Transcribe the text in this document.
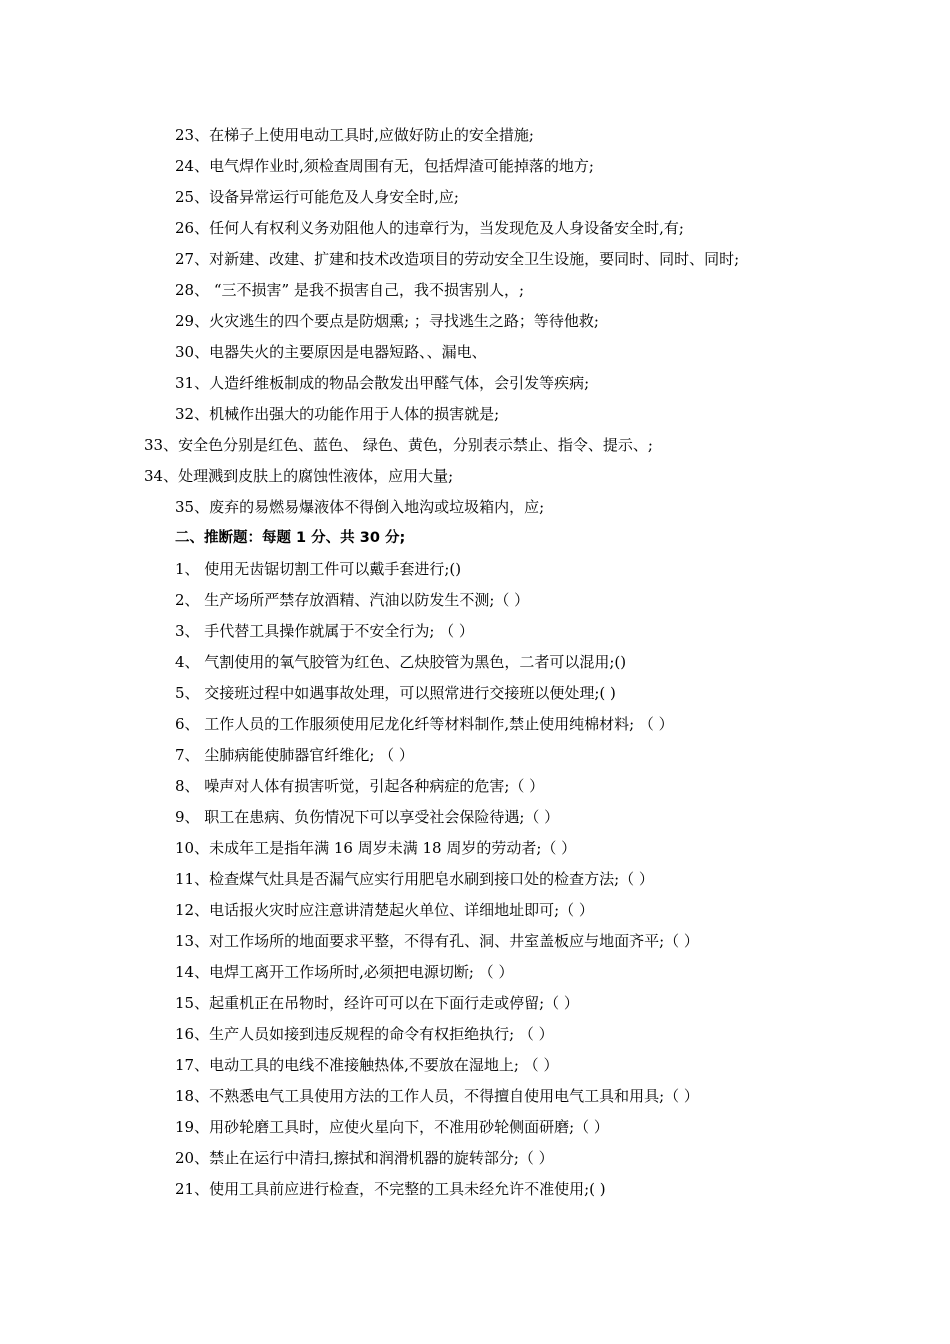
23、在梯子上使用电动工具时,应做好防止的安全措施;
24、电气焊作业时,须检查周围有无，包括焊渣可能掉落的地方;
25、设备异常运行可能危及人身安全时,应;
26、任何人有权利义务劝阻他人的违章行为，当发现危及人身设备安全时,有;
27、对新建、改建、扩建和技术改造项目的劳动安全卫生设施，要同时、同时、同时;
28、 “三不损害” 是我不损害自己，我不损害别人，;
29、火灾逃生的四个要点是防烟熏; ；寻找逃生之路；等待他救;
30、电器失火的主要原因是电器短路、、漏电、
31、人造纤维板制成的物品会散发出甲醛气体，会引发等疾病;
32、机械作出强大的功能作用于人体的损害就是;
33、安全色分别是红色、蓝色、 绿色、黄色，分别表示禁止、指令、提示、;
34、处理溅到皮肤上的腐蚀性液体，应用大量;
35、废弃的易燃易爆液体不得倒入地沟或垃圾箱内，应;
二、推断题：每题 1 分、共 30 分;
1、 使用无齿锯切割工件可以戴手套进行;()
2、 生产场所严禁存放酒精、汽油以防发生不测;（ ）
3、 手代替工具操作就属于不安全行为; （ ）
4、 气割使用的氧气胶管为红色、乙炔胶管为黑色，二者可以混用;()
5、 交接班过程中如遇事故处理，可以照常进行交接班以便处理;( )
6、 工作人员的工作服须使用尼龙化纤等材料制作,禁止使用纯棉材料; （ ）
7、 尘肺病能使肺器官纤维化; （ ）
8、 噪声对人体有损害听觉，引起各种病症的危害;（ ）
9、 职工在患病、负伤情况下可以享受社会保险待遇;（ ）
10、未成年工是指年满 16 周岁未满 18 周岁的劳动者;（ ）
11、检查煤气灶具是否漏气应实行用肥皂水刷到接口处的检查方法;（ ）
12、电话报火灾时应注意讲清楚起火单位、详细地址即可;（ ）
13、对工作场所的地面要求平整，不得有孔、洞、井室盖板应与地面齐平;（ ）
14、电焊工离开工作场所时,必须把电源切断; （ ）
15、起重机正在吊物时，经许可可以在下面行走或停留;（ ）
16、生产人员如接到违反规程的命令有权拒绝执行; （ ）
17、电动工具的电线不准接触热体,不要放在湿地上; （ ）
18、不熟悉电气工具使用方法的工作人员，不得擅自使用电气工具和用具;（ ）
19、用砂轮磨工具时，应使火星向下，不准用砂轮侧面研磨;（ ）
20、禁止在运行中清扫,擦拭和润滑机器的旋转部分;（ ）
21、使用工具前应进行检查，不完整的工具未经允许不准使用;( )
